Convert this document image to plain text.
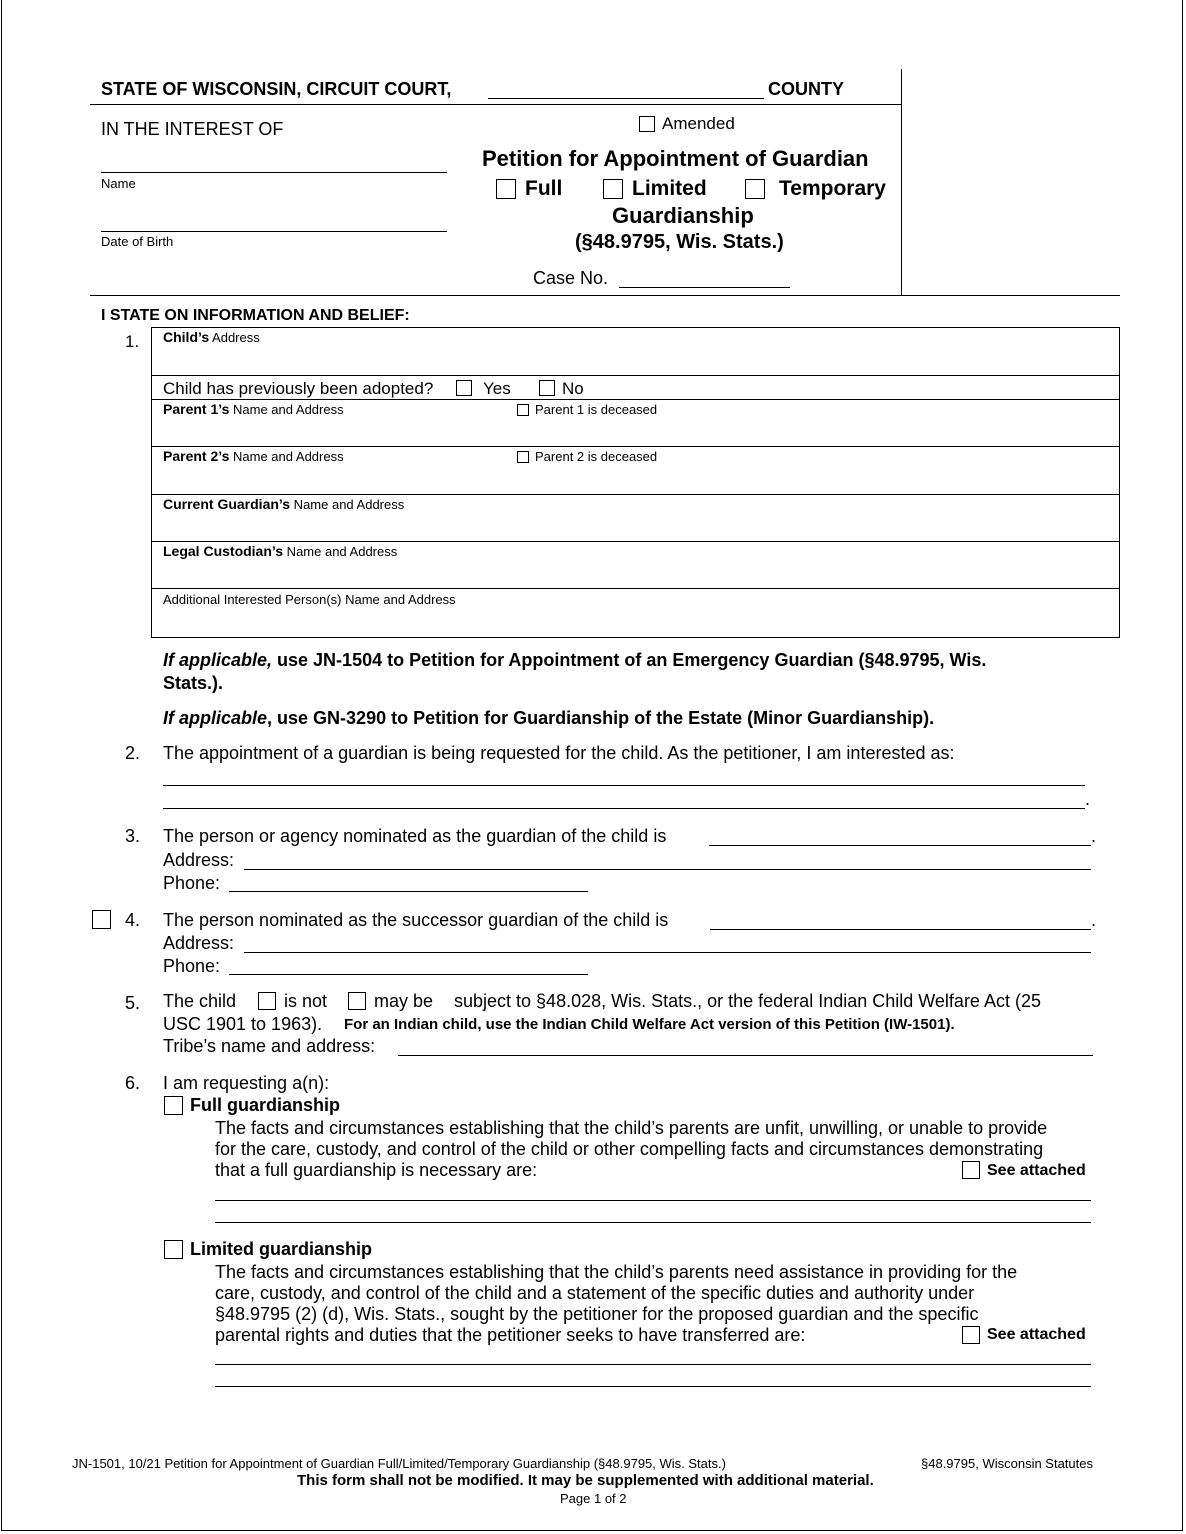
STATE OF WISCONSIN, CIRCUIT COURT,	COUNTY
IN THE INTEREST OF
Name
Date of Birth
Amended
Petition for Appointment of Guardian
Full	Limited	Temporary
Guardianship
(§48.9795, Wis. Stats.)
Case No.
I STATE ON INFORMATION AND BELIEF:
1. Child’s Address
Child has previously been adopted?	Yes	No
Parent 1’s Name and Address	Parent 1 is deceased
Parent 2’s Name and Address	Parent 2 is deceased
Current Guardian’s Name and Address
Legal Custodian’s Name and Address
Additional Interested Person(s) Name and Address
If applicable, use JN-1504 to Petition for Appointment of an Emergency Guardian (§48.9795, Wis.
Stats.).
If applicable, use GN-3290 to Petition for Guardianship of the Estate (Minor Guardianship).
2. The appointment of a guardian is being requested for the child. As the petitioner, I am interested as:
.
3. The person or agency nominated as the guardian of the child is	.
Address:
Phone:
4. The person nominated as the successor guardian of the child is	.
Address:
Phone:
5. The child	is not	may be subject to §48.028, Wis. Stats., or the federal Indian Child Welfare Act (25
USC 1901 to 1963). For an Indian child, use the Indian Child Welfare Act version of this Petition (IW-1501).
Tribe’s name and address:
6. I am requesting a(n):
Full guardianship
The facts and circumstances establishing that the child’s parents are unfit, unwilling, or unable to provide
for the care, custody, and control of the child or other compelling facts and circumstances demonstrating
that a full guardianship is necessary are:	See attached
Limited guardianship
The facts and circumstances establishing that the child’s parents need assistance in providing for the
care, custody, and control of the child and a statement of the specific duties and authority under
§48.9795 (2) (d), Wis. Stats., sought by the petitioner for the proposed guardian and the specific
parental rights and duties that the petitioner seeks to have transferred are:	See attached
JN-1501, 10/21 Petition for Appointment of Guardian Full/Limited/Temporary Guardianship (§48.9795, Wis. Stats.)	§48.9795, Wisconsin Statutes
This form shall not be modified. It may be supplemented with additional material.
Page 1 of 2
